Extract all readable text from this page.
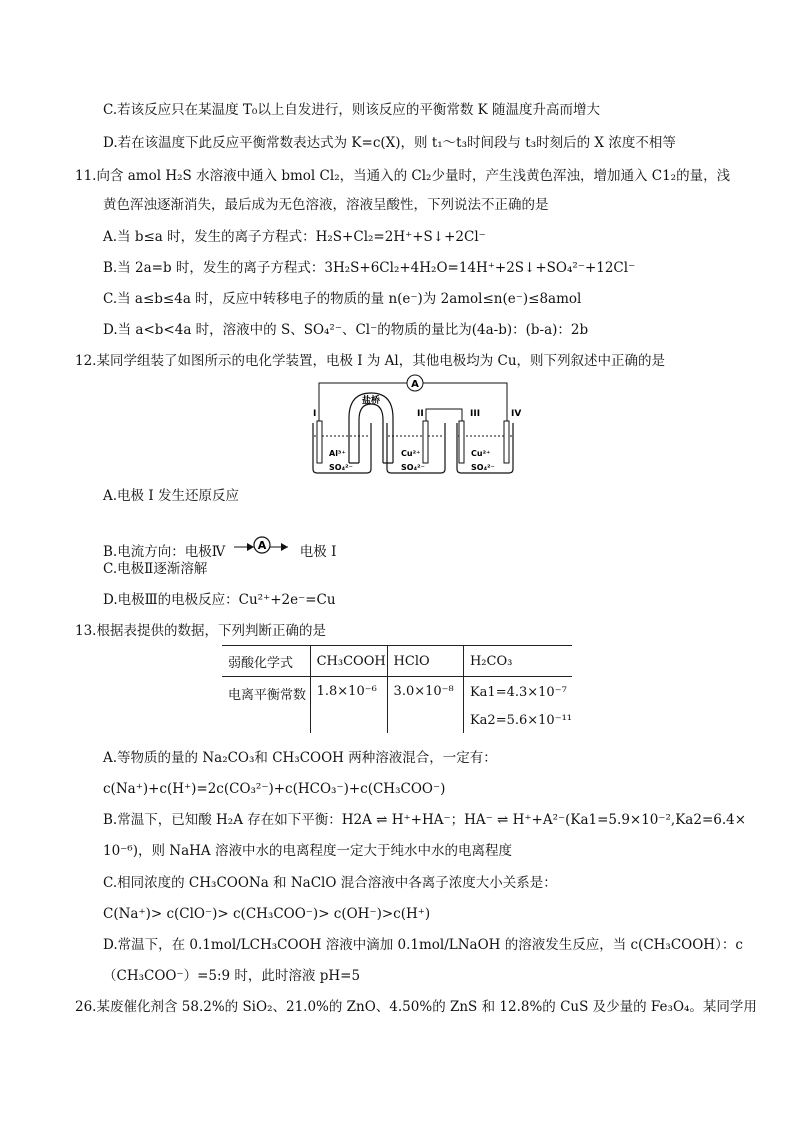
C.若该反应只在某温度 T₀以上自发进行，则该反应的平衡常数 K 随温度升高而增大
D.若在该温度下此反应平衡常数表达式为 K=c(X)，则 t₁～t₃时间段与 t₃时刻后的 X 浓度不相等
11.向含 amol H₂S 水溶液中通入 bmol Cl₂，当通入的 Cl₂少量时，产生浅黄色浑浊，增加通入 C1₂的量，浅
黄色浑浊逐渐消失，最后成为无色溶液，溶液呈酸性，下列说法不正确的是
A.当 b≤a 时，发生的离子方程式：H₂S+Cl₂=2H⁺+S↓+2Cl⁻
B.当 2a=b 时，发生的离子方程式：3H₂S+6Cl₂+4H₂O=14H⁺+2S↓+SO₄²⁻+12Cl⁻
C.当 a≤b≤4a 时，反应中转移电子的物质的量 n(e⁻)为 2amol≤n(e⁻)≤8amol
D.当 a<b<4a 时，溶液中的 S、SO₄²⁻、Cl⁻的物质的量比为(4a-b)：(b-a)：2b
12.某同学组装了如图所示的电化学装置，电极 I 为 Al，其他电极均为 Cu，则下列叙述中正确的是
A
I	II	III	IV
盐桥
Al³⁺
SO₄²⁻
Cu²⁺
SO₄²⁻
Cu²⁺
SO₄²⁻
A.电极 I 发生还原反应
B.电流方向：电极Ⅳ	A	电极 I
C.电极Ⅱ逐渐溶解
D.电极Ⅲ的电极反应：Cu²⁺+2e⁻=Cu
13.根据表提供的数据，下列判断正确的是
弱酸化学式	CH₃COOH	HClO	H₂CO₃
电离平衡常数	1.8×10⁻⁶	3.0×10⁻⁸	Ka1=4.3×10⁻⁷
			Ka2=5.6×10⁻¹¹
A.等物质的量的 Na₂CO₃和 CH₃COOH 两种溶液混合，一定有：
c(Na⁺)+c(H⁺)=2c(CO₃²⁻)+c(HCO₃⁻)+c(CH₃COO⁻)
B.常温下，已知酸 H₂A 存在如下平衡：H2A ⇌ H⁺+HA⁻；HA⁻ ⇌ H⁺+A²⁻(Ka1=5.9×10⁻²,Ka2=6.4×
10⁻⁶)，则 NaHA 溶液中水的电离程度一定大于纯水中水的电离程度
C.相同浓度的 CH₃COONa 和 NaClO 混合溶液中各离子浓度大小关系是：
C(Na⁺)> c(ClO⁻)> c(CH₃COO⁻)> c(OH⁻)>c(H⁺)
D.常温下，在 0.1mol/LCH₃COOH 溶液中滴加 0.1mol/LNaOH 的溶液发生反应，当 c(CH₃COOH）：c
（CH₃COO⁻）=5:9 时，此时溶液 pH=5
26.某废催化剂含 58.2%的 SiO₂、21.0%的 ZnO、4.50%的 ZnS 和 12.8%的 CuS 及少量的 Fe₃O₄。某同学用
